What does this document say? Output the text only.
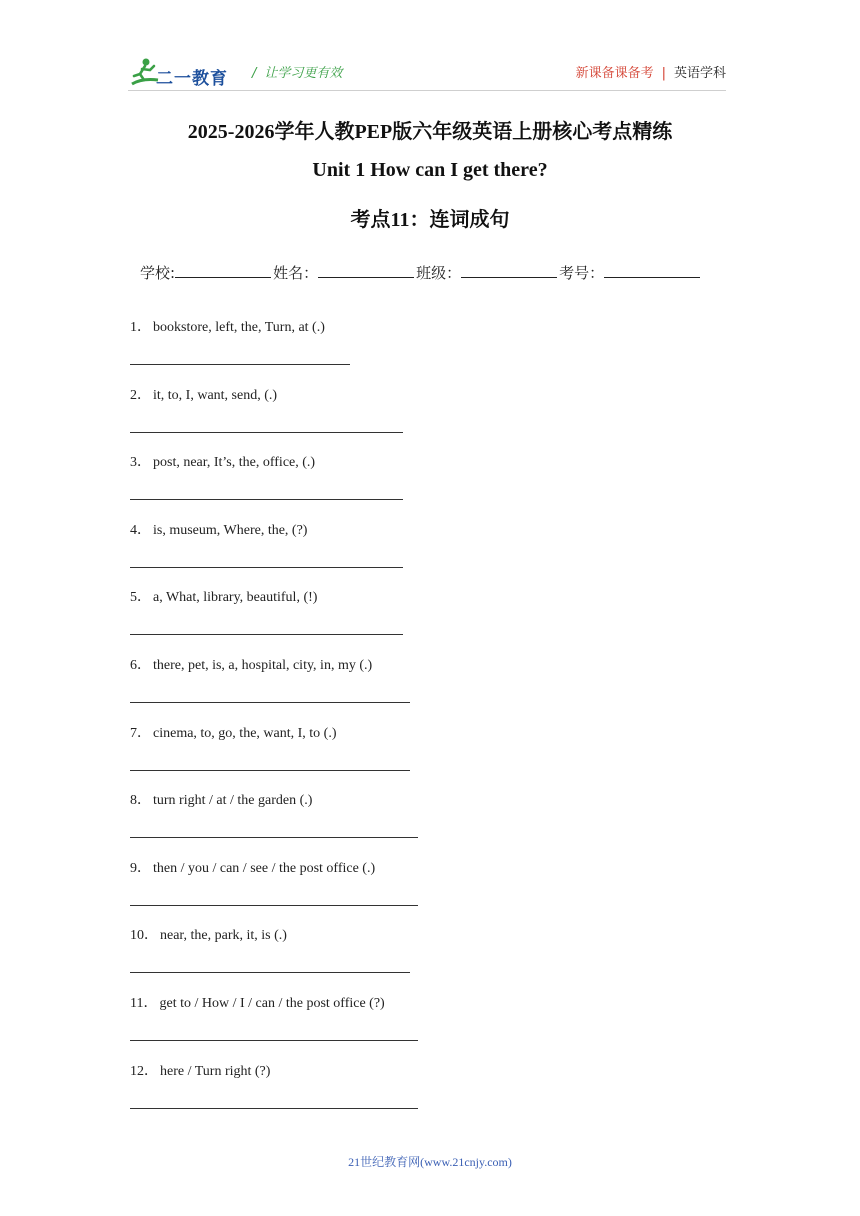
二一教育 / 让学习更有效	新课备课备考 | 英语学科
2025-2026学年人教PEP版六年级英语上册核心考点精练
Unit 1 How can I get there?
考点11：连词成句
学校:	姓名：	班级：	考号：
1． bookstore, left, the, Turn, at (.)
2． it, to, I, want, send, (.)
3． post, near, It’s, the, office, (.)
4． is, museum, Where, the, (?)
5． a, What, library, beautiful, (!)
6． there, pet, is, a, hospital, city, in, my (.)
7． cinema, to, go, the, want, I, to (.)
8． turn right / at / the garden (.)
9． then / you / can / see / the post office (.)
10． near, the, park, it, is (.)
11． get to / How / I / can / the post office (?)
12． here / Turn right (?)
21世纪教育网(www.21cnjy.com)
